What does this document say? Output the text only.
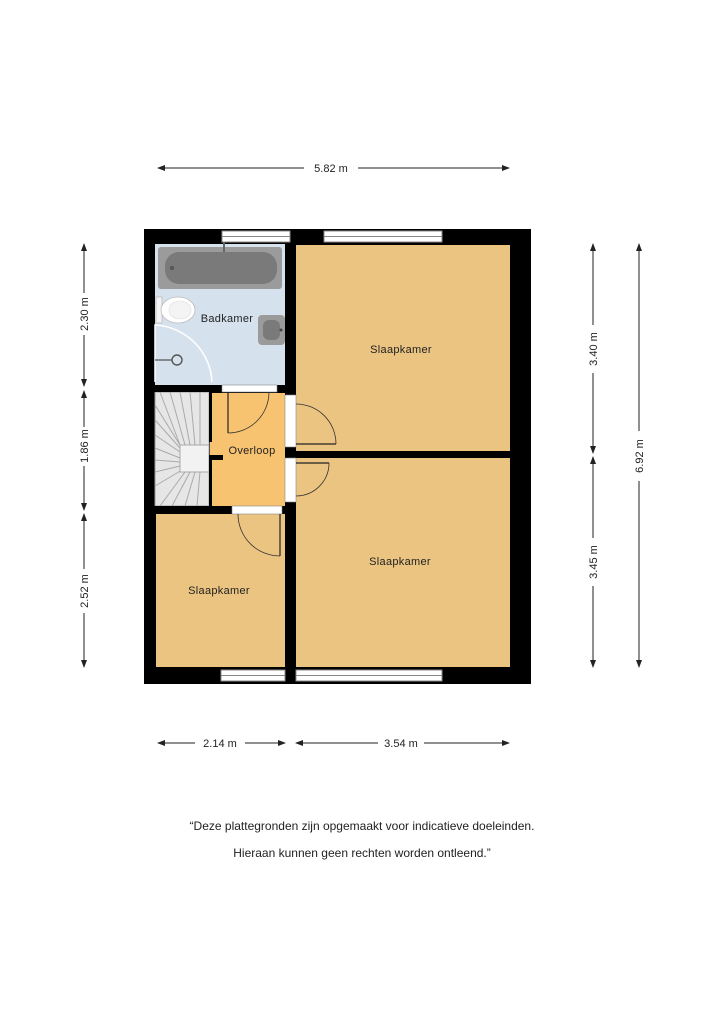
Badkamer
Overloop
Slaapkamer
Slaapkamer
Slaapkamer
5.82 m
2.30 m
1.86 m
2.52 m
3.40 m
3.45 m
6.92 m
2.14 m	3.54 m

“Deze plattegronden zijn opgemaakt voor indicatieve doeleinden.

Hieraan kunnen geen rechten worden ontleend.”
